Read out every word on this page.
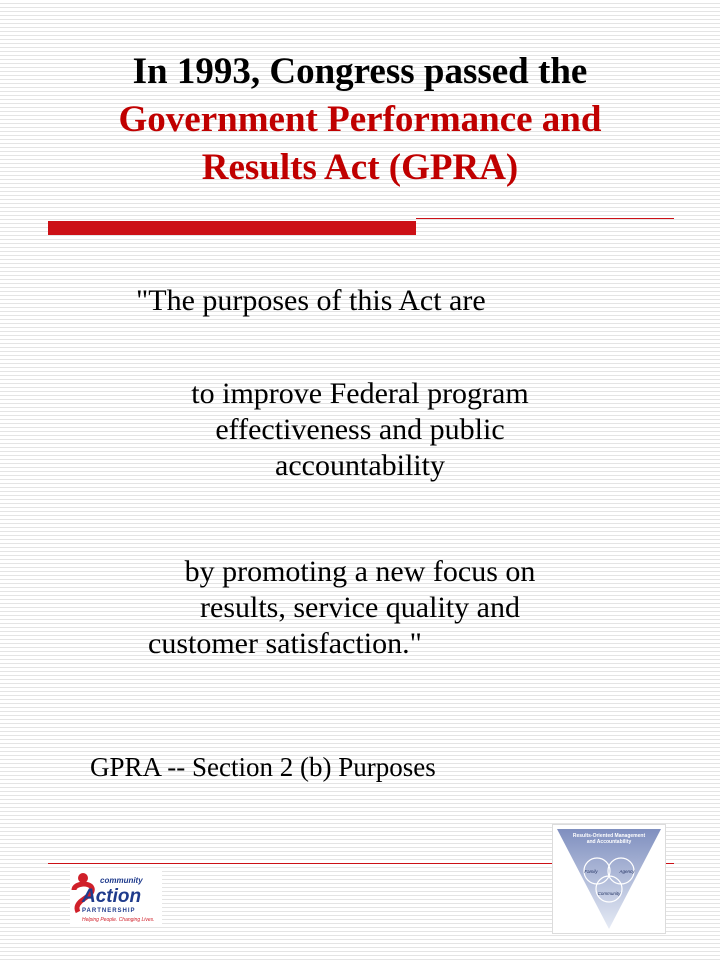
In 1993, Congress passed the
Government Performance and
Results Act (GPRA)
"The purposes of this Act are
to improve Federal program
effectiveness and public
accountability
by promoting a new focus on
results, service quality and
customer satisfaction."
GPRA -- Section 2 (b) Purposes
community
Action
PARTNERSHIP
Helping People. Changing Lives.
Results-Oriented Management
and Accountability
Family	Agency
Community
